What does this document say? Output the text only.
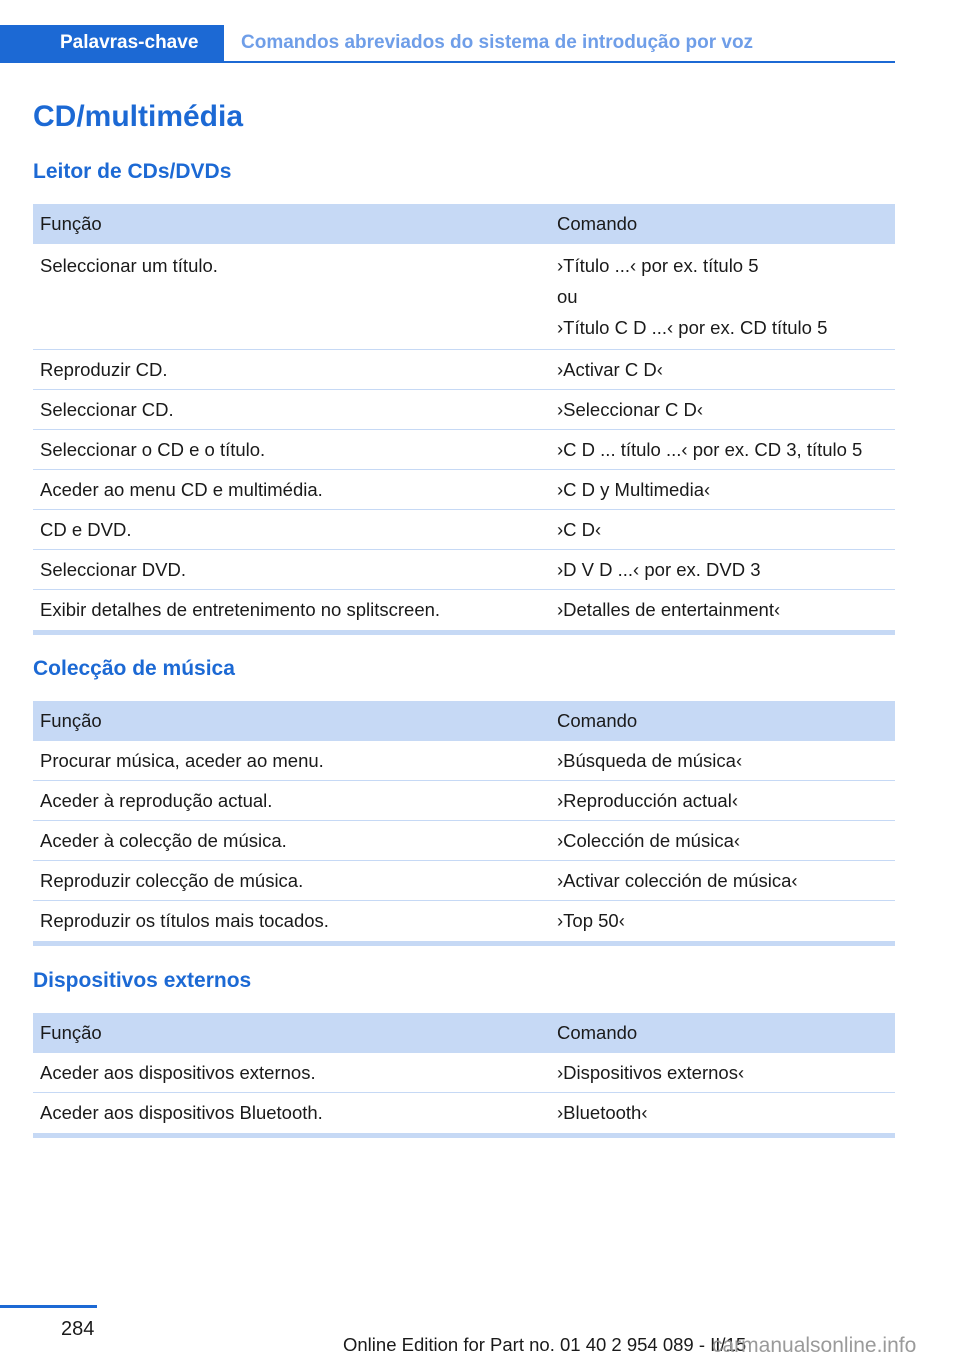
Palavras-chave	Comandos abreviados do sistema de introdução por voz
CD/multimédia
Leitor de CDs/DVDs
Função	Comando
Seleccionar um título.	›Título ...‹ por ex. título 5
ou
›Título C D ...‹ por ex. CD título 5
Reproduzir CD.	›Activar C D‹
Seleccionar CD.	›Seleccionar C D‹
Seleccionar o CD e o título.	›C D ... título ...‹ por ex. CD 3, título 5
Aceder ao menu CD e multimédia.	›C D y Multimedia‹
CD e DVD.	›C D‹
Seleccionar DVD.	›D V D ...‹ por ex. DVD 3
Exibir detalhes de entretenimento no splitscreen.	›Detalles de entertainment‹
Colecção de música
Função	Comando
Procurar música, aceder ao menu.	›Búsqueda de música‹
Aceder à reprodução actual.	›Reproducción actual‹
Aceder à colecção de música.	›Colección de música‹
Reproduzir colecção de música.	›Activar colección de música‹
Reproduzir os títulos mais tocados.	›Top 50‹
Dispositivos externos
Função	Comando
Aceder aos dispositivos externos.	›Dispositivos externos‹
Aceder aos dispositivos Bluetooth.	›Bluetooth‹
284
Online Edition for Part no. 01 40 2 954 089 - II/15
carmanualsonline.info
